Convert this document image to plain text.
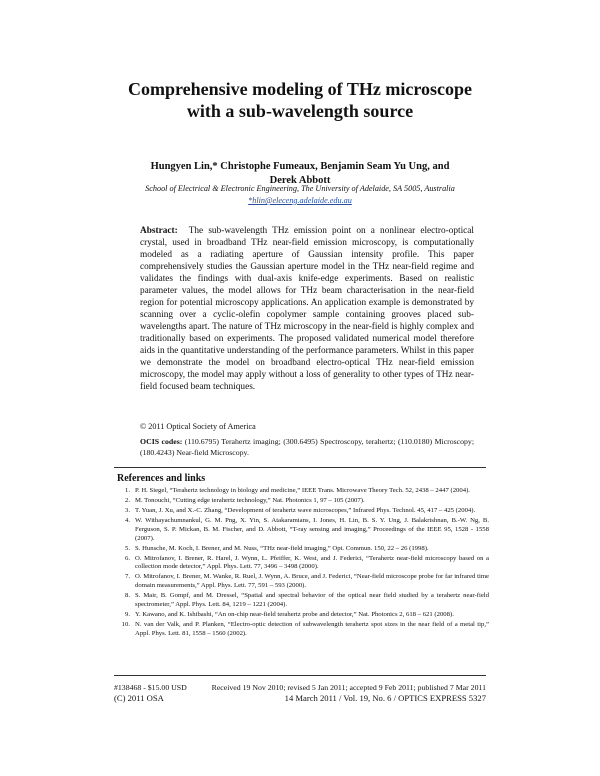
Comprehensive modeling of THz microscope with a sub-wavelength source
Hungyen Lin,* Christophe Fumeaux, Benjamin Seam Yu Ung, and Derek Abbott
School of Electrical & Electronic Engineering, The University of Adelaide, SA 5005, Australia
*hlin@eleceng.adelaide.edu.au
Abstract: The sub-wavelength THz emission point on a nonlinear electro-optical crystal, used in broadband THz near-field emission microscopy, is computationally modeled as a radiating aperture of Gaussian intensity profile. This paper comprehensively studies the Gaussian aperture model in the THz near-field regime and validates the findings with dual-axis knife-edge experiments. Based on realistic parameter values, the model allows for THz beam characterisation in the near-field region for potential microscopy applications. An application example is demonstrated by scanning over a cyclic-olefin copolymer sample containing grooves placed sub-wavelengths apart. The nature of THz microscopy in the near-field is highly complex and traditionally based on experiments. The proposed validated numerical model therefore aids in the quantitative understanding of the performance parameters. Whilst in this paper we demonstrate the model on broadband electro-optical THz near-field emission microscopy, the model may apply without a loss of generality to other types of THz near-field focused beam techniques.
© 2011 Optical Society of America
OCIS codes: (110.6795) Terahertz imaging; (300.6495) Spectroscopy, terahertz; (110.0180) Microscopy; (180.4243) Near-field Microscopy.
References and links
1. P. H. Siegel, “Terahertz technology in biology and medicine,” IEEE Trans. Microwave Theory Tech. 52, 2438 – 2447 (2004).
2. M. Tonouchi, “Cutting edge terahertz technology,” Nat. Photonics 1, 97 – 105 (2007).
3. T. Yuan, J. Xu, and X.-C. Zhang, “Development of terahertz wave microscopes,” Infrared Phys. Technol. 45, 417 – 425 (2004).
4. W. Withayachumnankul, G. M. Png, X. Yin, S. Atakaramians, I. Jones, H. Lin, B. S. Y. Ung, J. Balakrishnan, B.-W. Ng, B. Ferguson, S. P. Mickan, B. M. Fischer, and D. Abbott, “T-ray sensing and imaging,” Proceedings of the IEEE 95, 1528 - 1558 (2007).
5. S. Hunsche, M. Koch, I. Brener, and M. Nuss, “THz near-field imaging,” Opt. Commun. 150, 22 – 26 (1998).
6. O. Mitrofanov, I. Brener, R. Harel, J. Wynn, L. Pfeiffer, K. West, and J. Federici, “Terahertz near-field microscopy based on a collection mode detector,” Appl. Phys. Lett. 77, 3496 – 3498 (2000).
7. O. Mitrofanov, I. Brener, M. Wanke, R. Ruel, J. Wynn, A. Bruce, and J. Federici, “Near-field microscope probe for far infrared time domain measurements,” Appl. Phys. Lett. 77, 591 – 593 (2000).
8. S. Mair, B. Gompf, and M. Dressel, “Spatial and spectral behavior of the optical near field studied by a terahertz near-field spectrometer,” Appl. Phys. Lett. 84, 1219 – 1221 (2004).
9. Y. Kawano, and K. Ishibashi, “An on-chip near-field terahertz probe and detector,” Nat. Photonics 2, 618 – 621 (2008).
10. N. van der Valk, and P. Planken, “Electro-optic detection of subwavelength terahertz spot sizes in the near field of a metal tip,” Appl. Phys. Lett. 81, 1558 – 1560 (2002).
#138468 - $15.00 USD	Received 19 Nov 2010; revised 5 Jan 2011; accepted 9 Feb 2011; published 7 Mar 2011
(C) 2011 OSA	14 March 2011 / Vol. 19, No. 6 / OPTICS EXPRESS 5327
